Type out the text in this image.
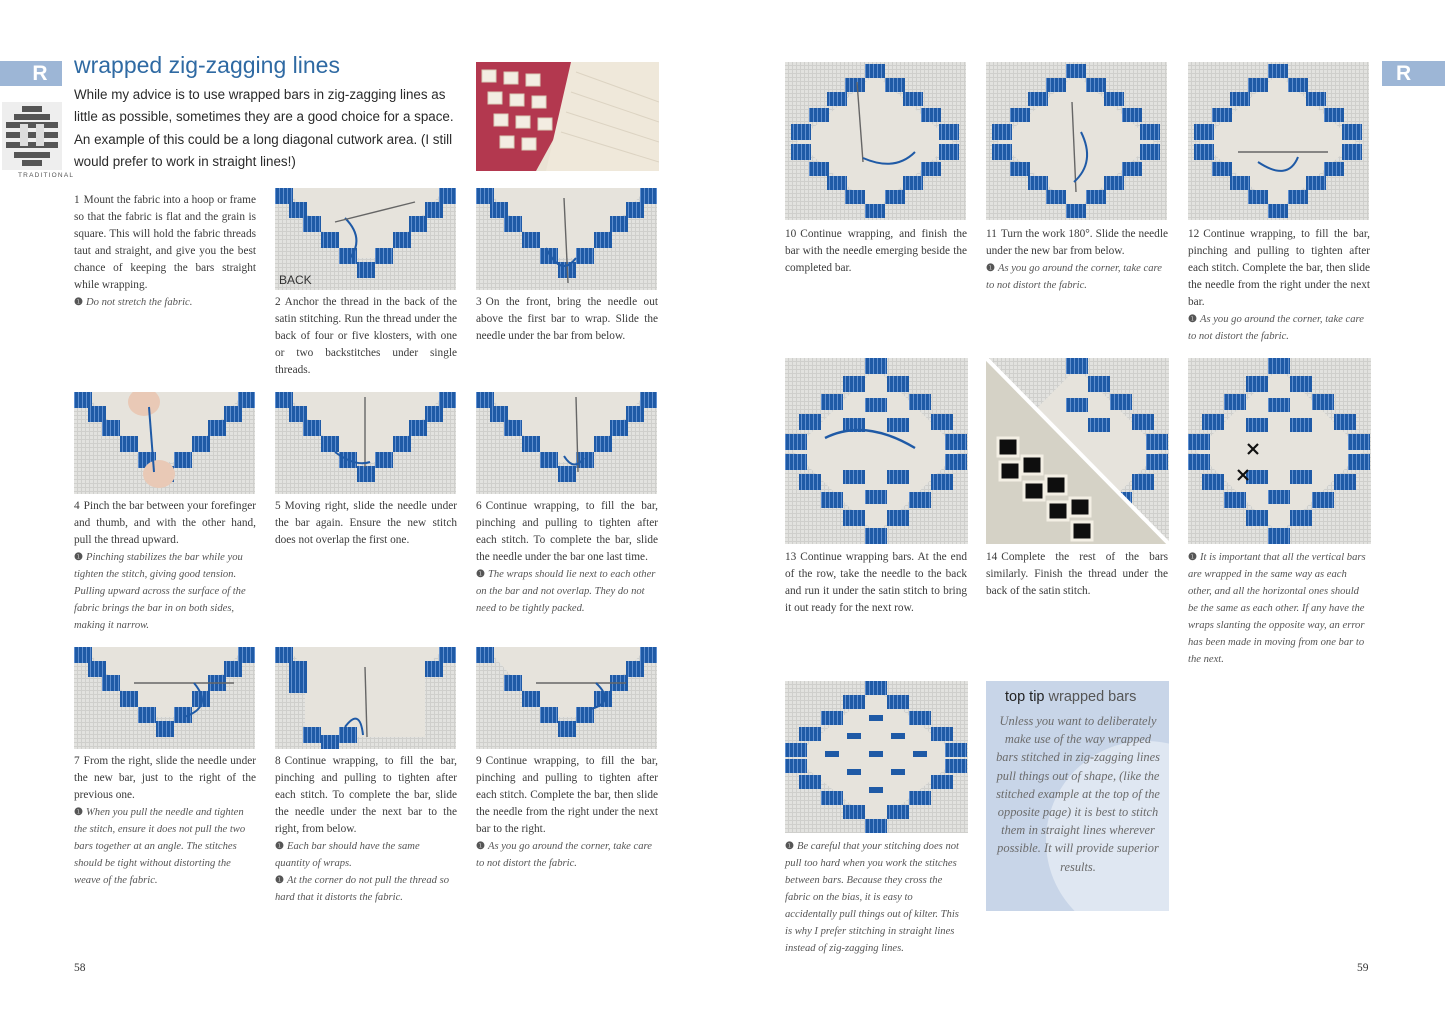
R
TRADITIONAL
wrapped zig-zagging lines
While my advice is to use wrapped bars in zig-zagging lines as little as possible, sometimes they are a good choice for a space. An example of this could be a long diagonal cutwork area. (I still would prefer to work in straight lines!)
1 Mount the fabric into a hoop or frame so that the fabric is flat and the grain is square. This will hold the fabric threads taut and straight, and give you the best chance of keeping the bars straight while wrapping.
❶ Do not stretch the fabric.
BACK
2 Anchor the thread in the back of the satin stitching. Run the thread under the back of four or five klosters, with one or two backstitches under single threads.
3 On the front, bring the needle out above the first bar to wrap. Slide the needle under the bar from below.
4 Pinch the bar between your forefinger and thumb, and with the other hand, pull the thread upward.
❶ Pinching stabilizes the bar while you tighten the stitch, giving good tension. Pulling upward across the surface of the fabric brings the bar in on both sides, making it narrow.
5 Moving right, slide the needle under the bar again. Ensure the new stitch does not overlap the first one.
6 Continue wrapping, to fill the bar, pinching and pulling to tighten after each stitch. To complete the bar, slide the needle under the bar one last time.
❶ The wraps should lie next to each other on the bar and not overlap. They do not need to be tightly packed.
7 From the right, slide the needle under the new bar, just to the right of the previous one.
❶ When you pull the needle and tighten the stitch, ensure it does not pull the two bars together at an angle. The stitches should be tight without distorting the weave of the fabric.
8 Continue wrapping, to fill the bar, pinching and pulling to tighten after each stitch. To complete the bar, slide the needle under the next bar to the right, from below.
❶ Each bar should have the same quantity of wraps.
❶ At the corner do not pull the thread so hard that it distorts the fabric.
9 Continue wrapping, to fill the bar, pinching and pulling to tighten after each stitch. Complete the bar, then slide the needle from the right under the next bar to the right.
❶ As you go around the corner, take care to not distort the fabric.
58
R
10 Continue wrapping, and finish the bar with the needle emerging beside the completed bar.
11 Turn the work 180°. Slide the needle under the new bar from below.
❶ As you go around the corner, take care to not distort the fabric.
12 Continue wrapping, to fill the bar, pinching and pulling to tighten after each stitch. Complete the bar, then slide the needle from the right under the next bar.
❶ As you go around the corner, take care to not distort the fabric.
13 Continue wrapping bars. At the end of the row, take the needle to the back and run it under the satin stitch to bring it out ready for the next row.
14 Complete the rest of the bars similarly. Finish the thread under the back of the satin stitch.
❶ It is important that all the vertical bars are wrapped in the same way as each other, and all the horizontal ones should be the same as each other. If any have the wraps slanting the opposite way, an error has been made in moving from one bar to the next.
❶ Be careful that your stitching does not pull too hard when you work the stitches between bars. Because they cross the fabric on the bias, it is easy to accidentally pull things out of kilter. This is why I prefer stitching in straight lines instead of zig-zagging lines.
top tip wrapped bars
Unless you want to deliberately make use of the way wrapped bars stitched in zig-zagging lines pull things out of shape, (like the stitched example at the top of the opposite page) it is best to stitch them in straight lines wherever possible. It will provide superior results.
59
